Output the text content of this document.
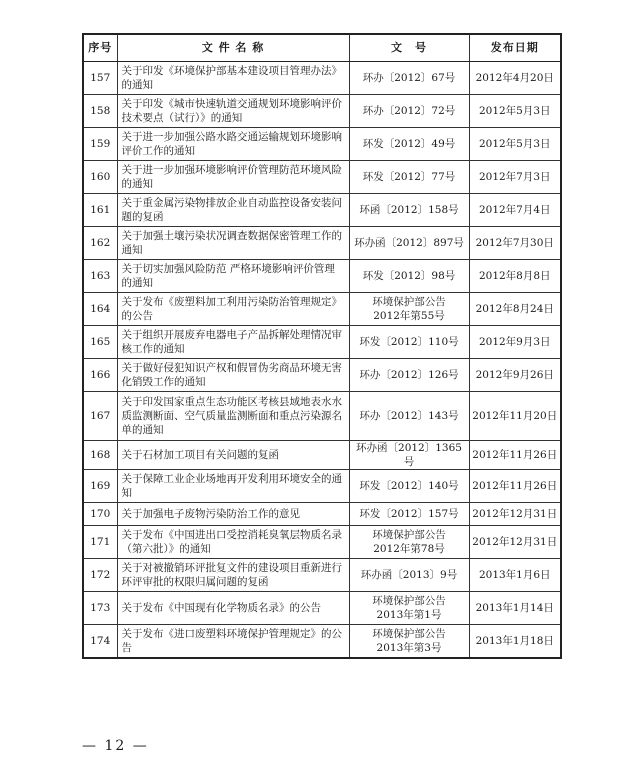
序号	文 件 名 称	文　号	发布日期
157	关于印发《环境保护部基本建设项目管理办法》的通知	环办〔2012〕67号	2012年4月20日
158	关于印发《城市快速轨道交通规划环境影响评价技术要点（试行）》的通知	环办〔2012〕72号	2012年5月3日
159	关于进一步加强公路水路交通运输规划环境影响评价工作的通知	环发〔2012〕49号	2012年5月3日
160	关于进一步加强环境影响评价管理防范环境风险的通知	环发〔2012〕77号	2012年7月3日
161	关于重金属污染物排放企业自动监控设备安装问题的复函	环函〔2012〕158号	2012年7月4日
162	关于加强土壤污染状况调查数据保密管理工作的通知	环办函〔2012〕897号	2012年7月30日
163	关于切实加强风险防范 严格环境影响评价管理的通知	环发〔2012〕98号	2012年8月8日
164	关于发布《废塑料加工利用污染防治管理规定》的公告	环境保护部公告
2012年第55号	2012年8月24日
165	关于组织开展废弃电器电子产品拆解处理情况审核工作的通知	环发〔2012〕110号	2012年9月3日
166	关于做好侵犯知识产权和假冒伪劣商品环境无害化销毁工作的通知	环办〔2012〕126号	2012年9月26日
167	关于印发国家重点生态功能区考核县域地表水水质监测断面、空气质量监测断面和重点污染源名单的通知	环办〔2012〕143号	2012年11月20日
168	关于石材加工项目有关问题的复函	环办函〔2012〕1365号	2012年11月26日
169	关于保障工业企业场地再开发利用环境安全的通知	环发〔2012〕140号	2012年11月26日
170	关于加强电子废物污染防治工作的意见	环发〔2012〕157号	2012年12月31日
171	关于发布《中国进出口受控消耗臭氧层物质名录（第六批）》的通知	环境保护部公告
2012年第78号	2012年12月31日
172	关于对被撤销环评批复文件的建设项目重新进行环评审批的权限归属问题的复函	环办函〔2013〕9号	2013年1月6日
173	关于发布《中国现有化学物质名录》的公告	环境保护部公告
2013年第1号	2013年1月14日
174	关于发布《进口废塑料环境保护管理规定》的公告	环境保护部公告
2013年第3号	2013年1月18日
— 12 —
